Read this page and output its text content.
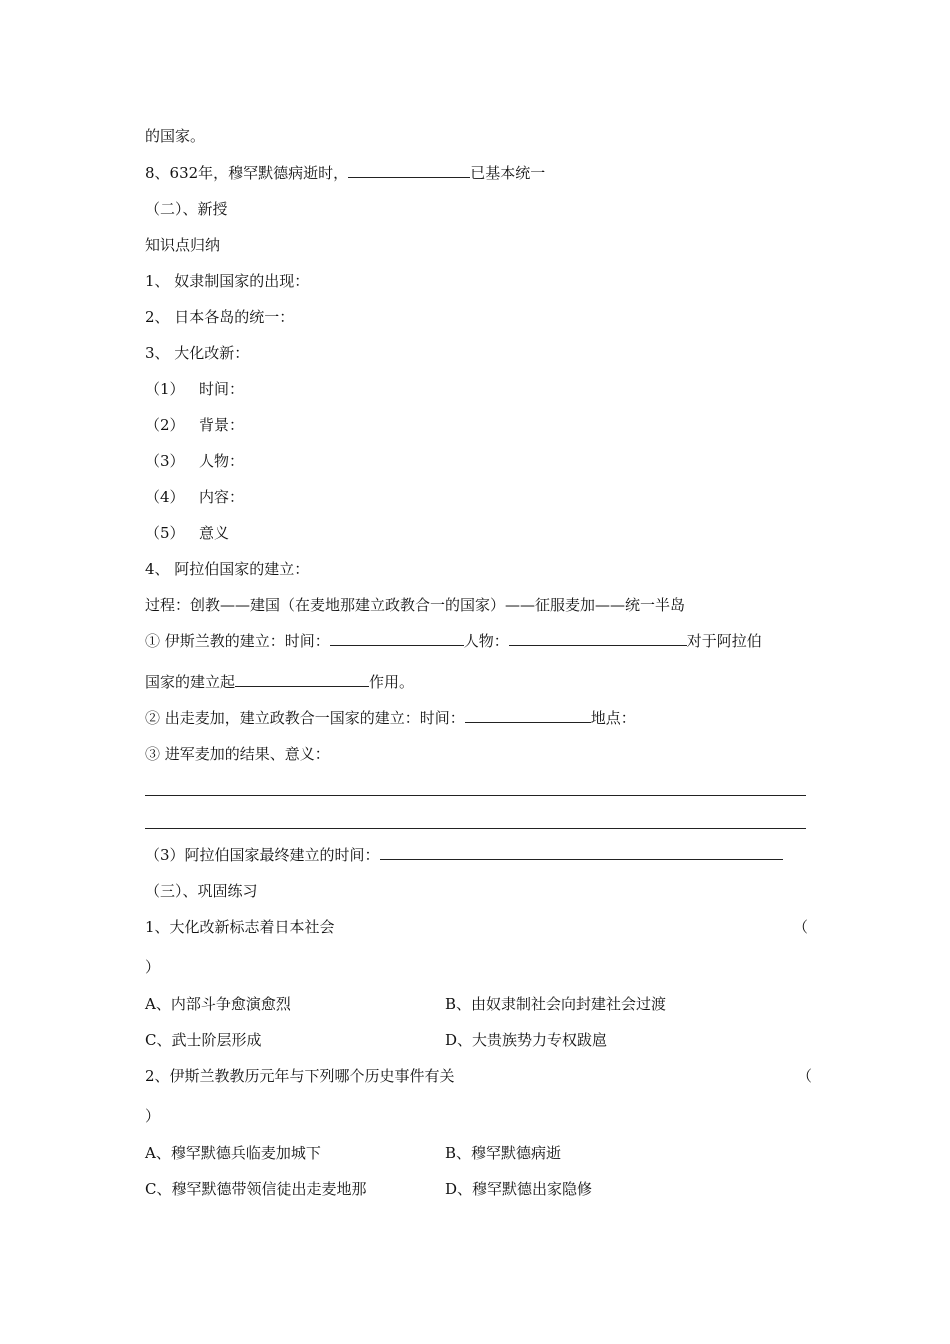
的国家。
8、632年，穆罕默德病逝时，	已基本统一
（二）、新授
知识点归纳
1、 奴隶制国家的出现：
2、 日本各岛的统一：
3、 大化改新：
（1） 时间：
（2） 背景：
（3） 人物：
（4） 内容：
（5） 意义
4、 阿拉伯国家的建立：
过程：创教——建国（在麦地那建立政教合一的国家）——征服麦加——统一半岛
① 伊斯兰教的建立：时间：	人物：	对于阿拉伯
国家的建立起	作用。
② 出走麦加，建立政教合一国家的建立：时间：	地点：
③ 进军麦加的结果、意义：
（3）阿拉伯国家最终建立的时间：
（三）、巩固练习
1、大化改新标志着日本社会	（
）
A、内部斗争愈演愈烈	B、由奴隶制社会向封建社会过渡
C、武士阶层形成	D、大贵族势力专权跋扈
2、伊斯兰教教历元年与下列哪个历史事件有关	（
）
A、穆罕默德兵临麦加城下	B、穆罕默德病逝
C、穆罕默德带领信徒出走麦地那	D、穆罕默德出家隐修
